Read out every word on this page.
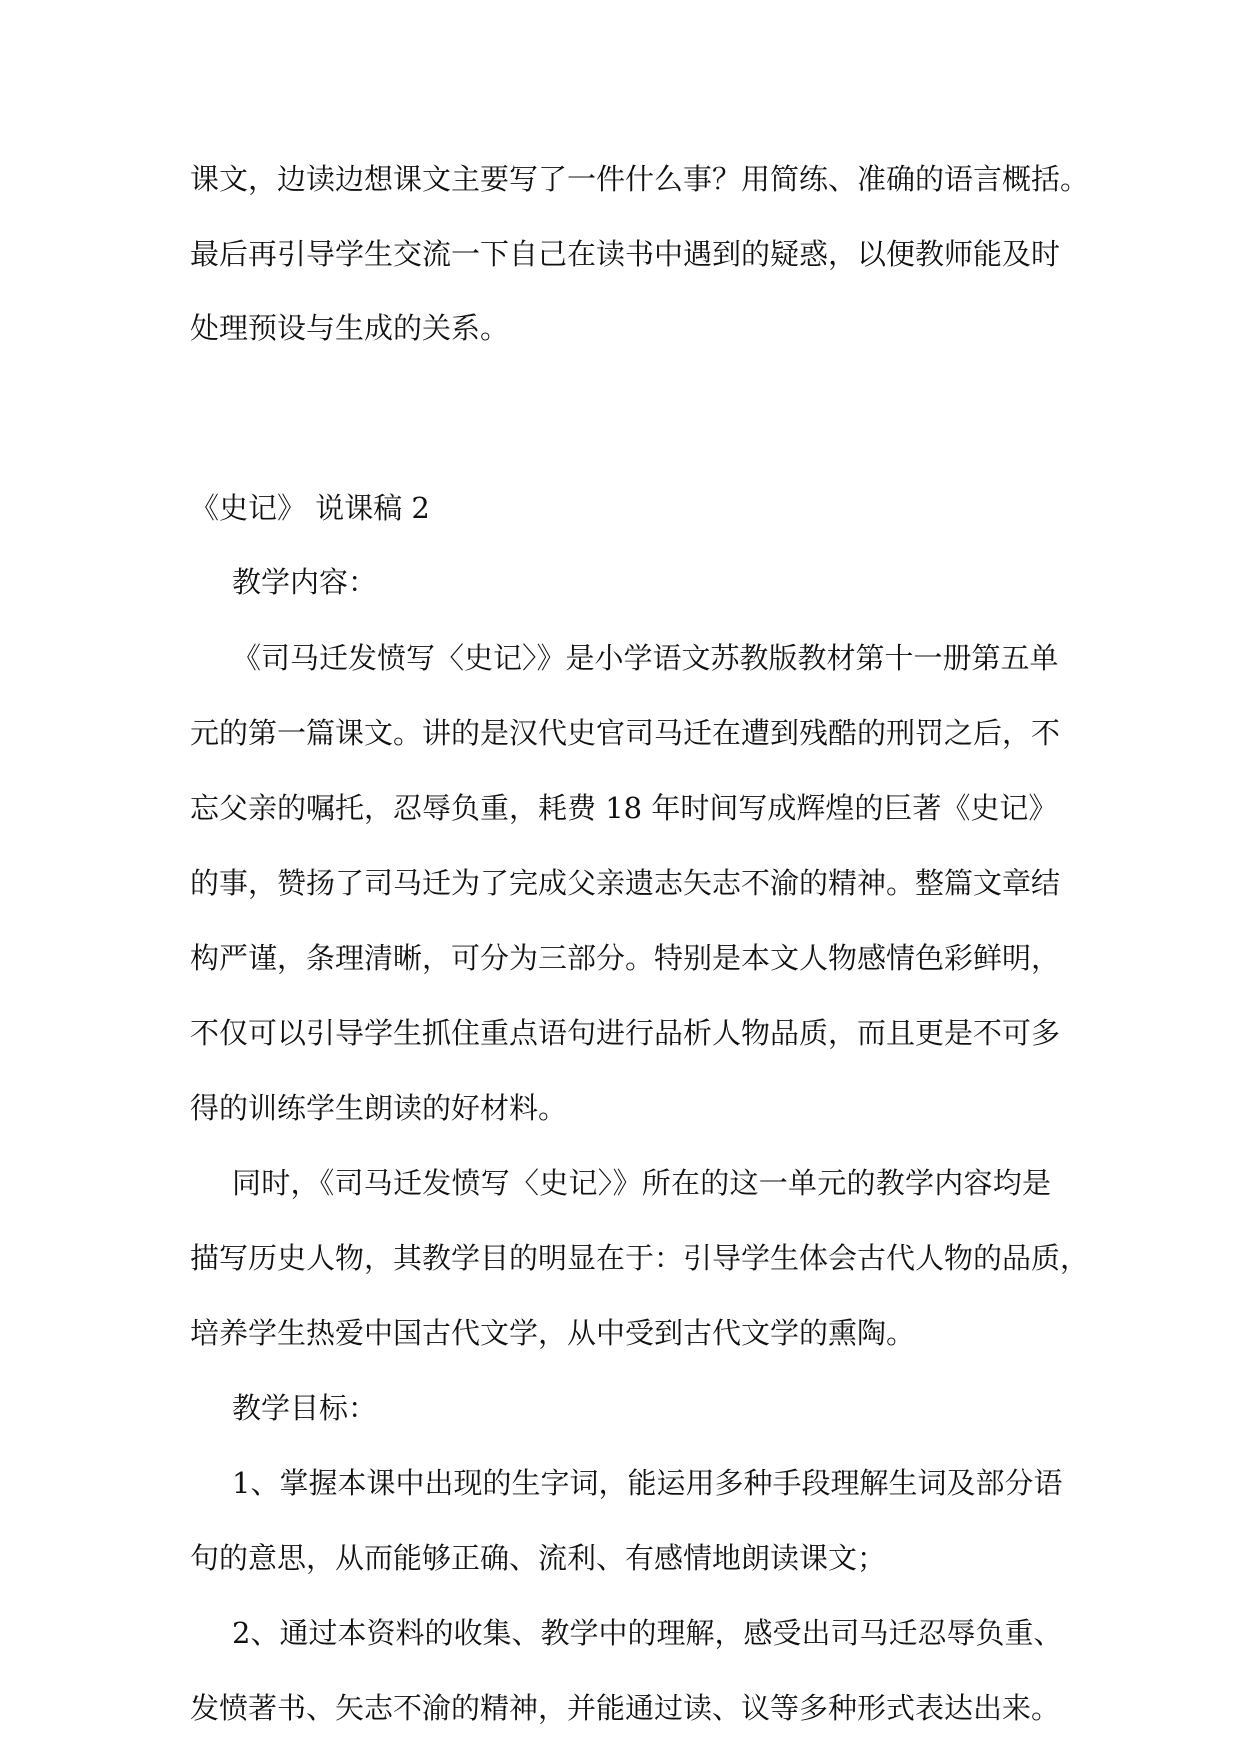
课文，边读边想课文主要写了一件什么事？用简练、准确的语言概括。
最后再引导学生交流一下自己在读书中遇到的疑惑，以便教师能及时
处理预设与生成的关系。
《史记》 说课稿 2
教学内容：
《司马迁发愤写〈史记〉》是小学语文苏教版教材第十一册第五单
元的第一篇课文。讲的是汉代史官司马迁在遭到残酷的刑罚之后，不
忘父亲的嘱托，忍辱负重，耗费 18 年时间写成辉煌的巨著《史记》
的事，赞扬了司马迁为了完成父亲遗志矢志不渝的精神。整篇文章结
构严谨，条理清晰，可分为三部分。特别是本文人物感情色彩鲜明，
不仅可以引导学生抓住重点语句进行品析人物品质，而且更是不可多
得的训练学生朗读的好材料。
同时，《司马迁发愤写〈史记〉》所在的这一单元的教学内容均是
描写历史人物，其教学目的明显在于：引导学生体会古代人物的品质，
培养学生热爱中国古代文学，从中受到古代文学的熏陶。
教学目标：
1、掌握本课中出现的生字词，能运用多种手段理解生词及部分语
句的意思，从而能够正确、流利、有感情地朗读课文；
2、通过本资料的收集、教学中的理解，感受出司马迁忍辱负重、
发愤著书、矢志不渝的精神，并能通过读、议等多种形式表达出来。
